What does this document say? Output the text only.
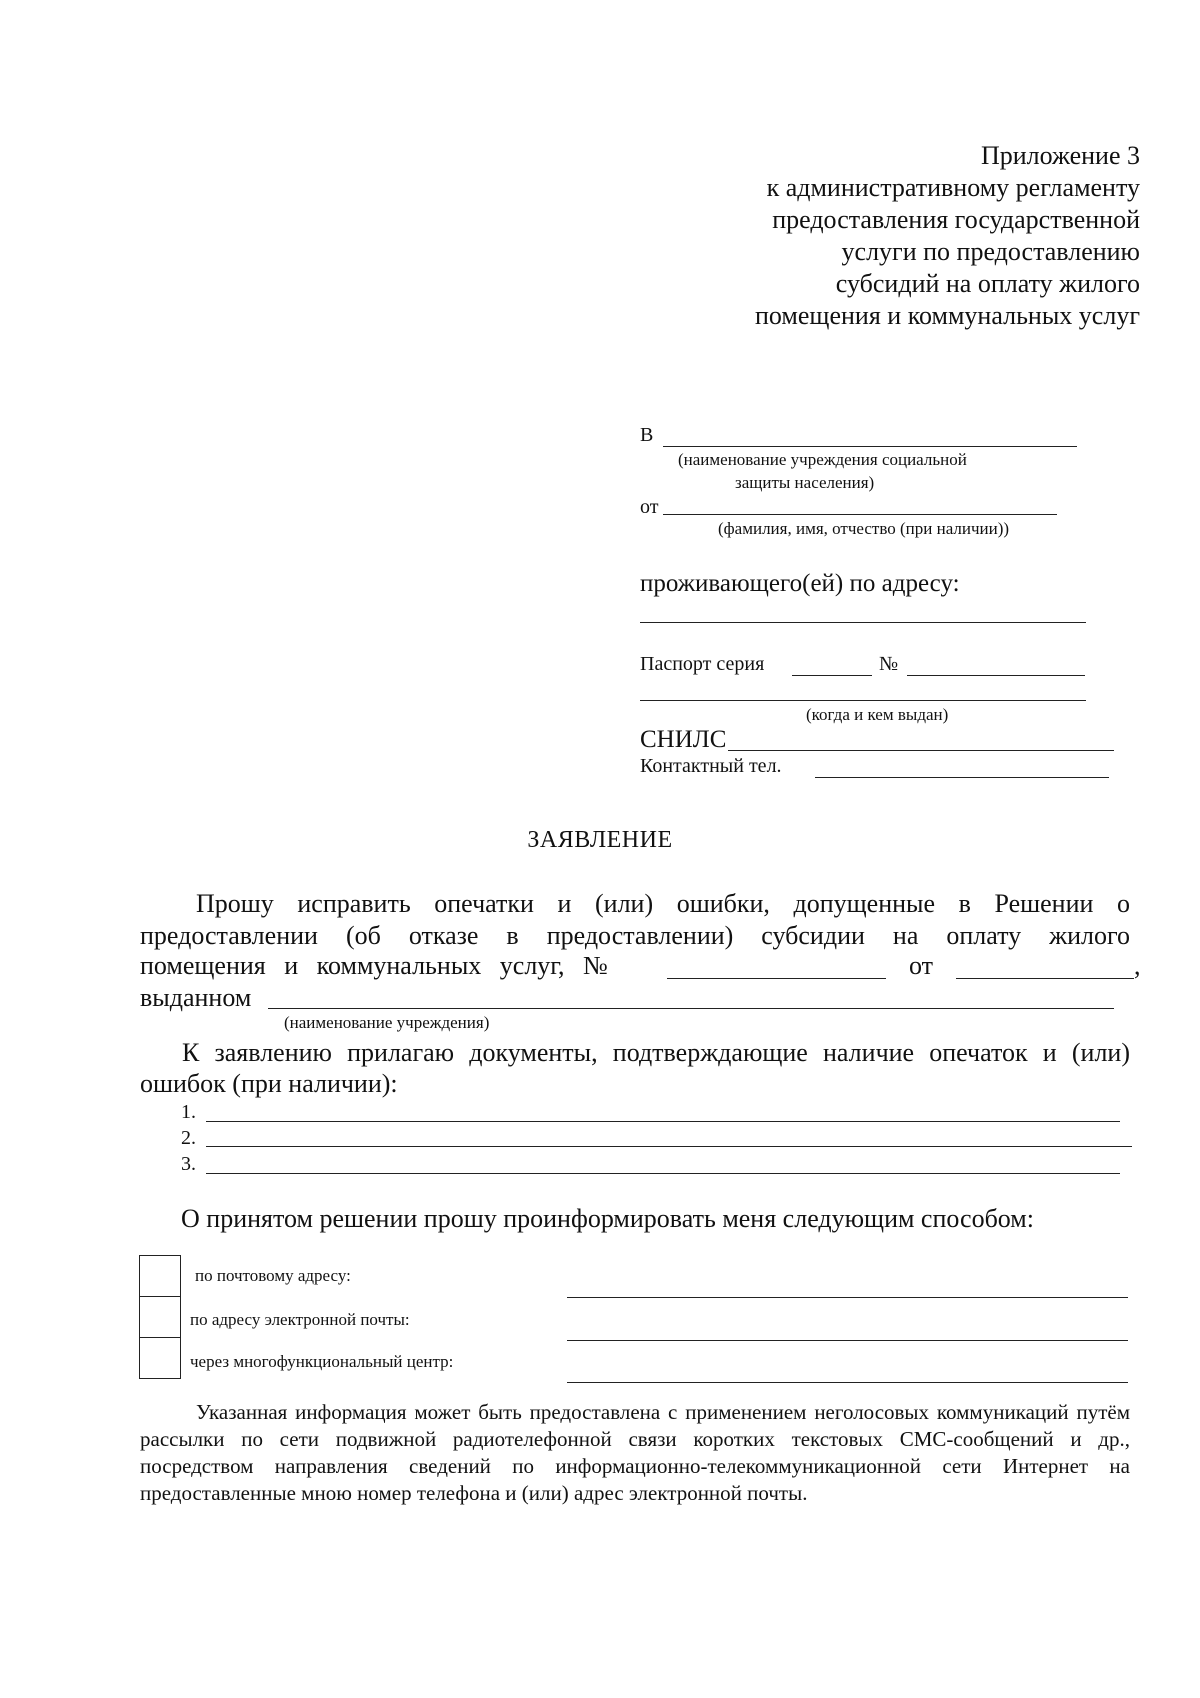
Приложение 3
к административному регламенту
предоставления государственной
услуги по предоставлению
субсидий на оплату жилого
помещения и коммунальных услуг
В
(наименование учреждения социальной
защиты населения)
от
(фамилия, имя, отчество (при наличии))
проживающего(ей) по адресу:
Паспорт серия	№
(когда и кем выдан)
СНИЛС
Контактный тел.
ЗАЯВЛЕНИЕ
Прошу исправить опечатки и (или) ошибки, допущенные в Решении о
предоставлении (об отказе в предоставлении) субсидии на оплату жилого
помещения и коммунальных услуг, №	от	,
выданном
(наименование учреждения)
К заявлению прилагаю документы, подтверждающие наличие опечаток и (или)
ошибок (при наличии):
1.
2.
3.
О принятом решении прошу проинформировать меня следующим способом:
по почтовому адресу:
по адресу электронной почты:
через многофункциональный центр:

Указанная информация может быть предоставлена с применением неголосовых коммуникаций путём рассылки по сети подвижной радиотелефонной связи коротких текстовых СМС-сообщений и др., посредством направления сведений по информационно-телекоммуникационной сети Интернет на предоставленные мною номер телефона и (или) адрес электронной почты.
